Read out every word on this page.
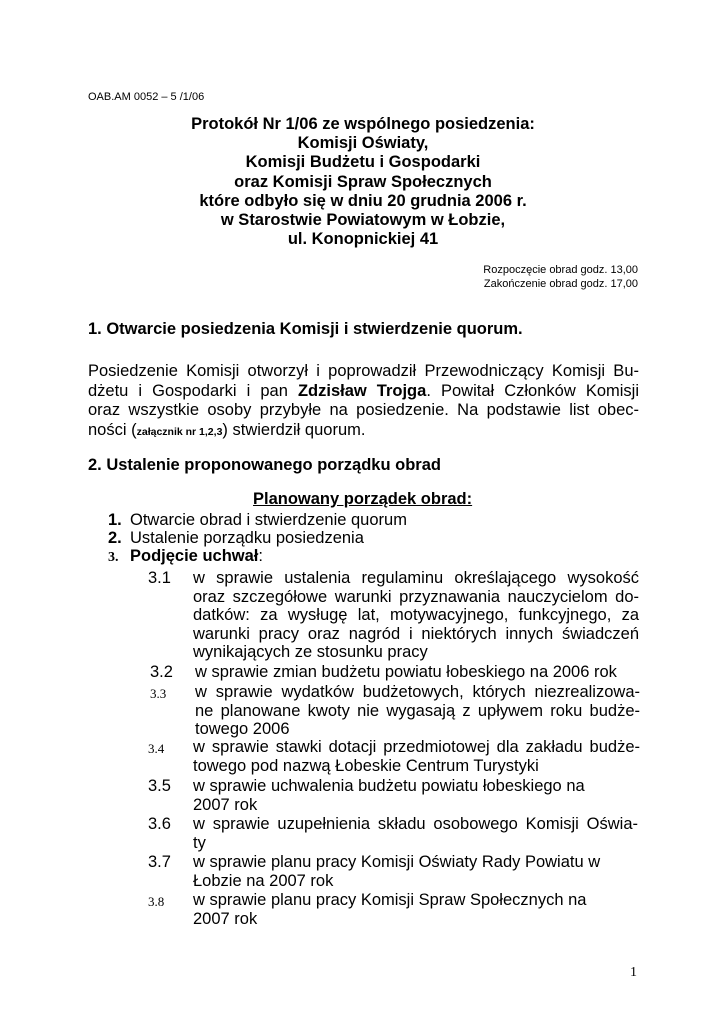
OAB.AM 0052 – 5 /1/06
Protokół Nr 1/06 ze wspólnego posiedzenia:
Komisji Oświaty,
Komisji Budżetu i Gospodarki
oraz Komisji Spraw Społecznych
które odbyło się w dniu 20 grudnia 2006 r.
w Starostwie Powiatowym w Łobzie,
ul. Konopnickiej 41
Rozpoczęcie obrad godz. 13,00
Zakończenie obrad godz. 17,00
1. Otwarcie posiedzenia Komisji i stwierdzenie quorum.
Posiedzenie Komisji otworzył i poprowadził Przewodniczący Komisji Bu-
dżetu i Gospodarki i pan Zdzisław Trojga. Powitał Członków Komisji
oraz wszystkie osoby przybyłe na posiedzenie. Na podstawie list obec-
ności (załącznik nr 1,2,3) stwierdził quorum.
2. Ustalenie proponowanego porządku obrad
Planowany porządek obrad:
1. Otwarcie obrad i stwierdzenie quorum
2. Ustalenie porządku posiedzenia
3. Podjęcie uchwał:
3.1 w sprawie ustalenia regulaminu określającego wysokość
oraz szczegółowe warunki przyznawania nauczycielom do-
datków: za wysługę lat, motywacyjnego, funkcyjnego, za
warunki pracy oraz nagród i niektórych innych świadczeń
wynikających ze stosunku pracy
3.2 w sprawie zmian budżetu powiatu łobeskiego na 2006 rok
3.3 w sprawie wydatków budżetowych, których niezrealizowa-
ne planowane kwoty nie wygasają z upływem roku budże-
towego 2006
3.4 w sprawie stawki dotacji przedmiotowej dla zakładu budże-
towego pod nazwą Łobeskie Centrum Turystyki
3.5 w sprawie uchwalenia budżetu powiatu łobeskiego na
2007 rok
3.6 w sprawie uzupełnienia składu osobowego Komisji Oświa-
ty
3.7 w sprawie planu pracy Komisji Oświaty Rady Powiatu w
Łobzie na 2007 rok
3.8 w sprawie planu pracy Komisji Spraw Społecznych na
2007 rok
1
